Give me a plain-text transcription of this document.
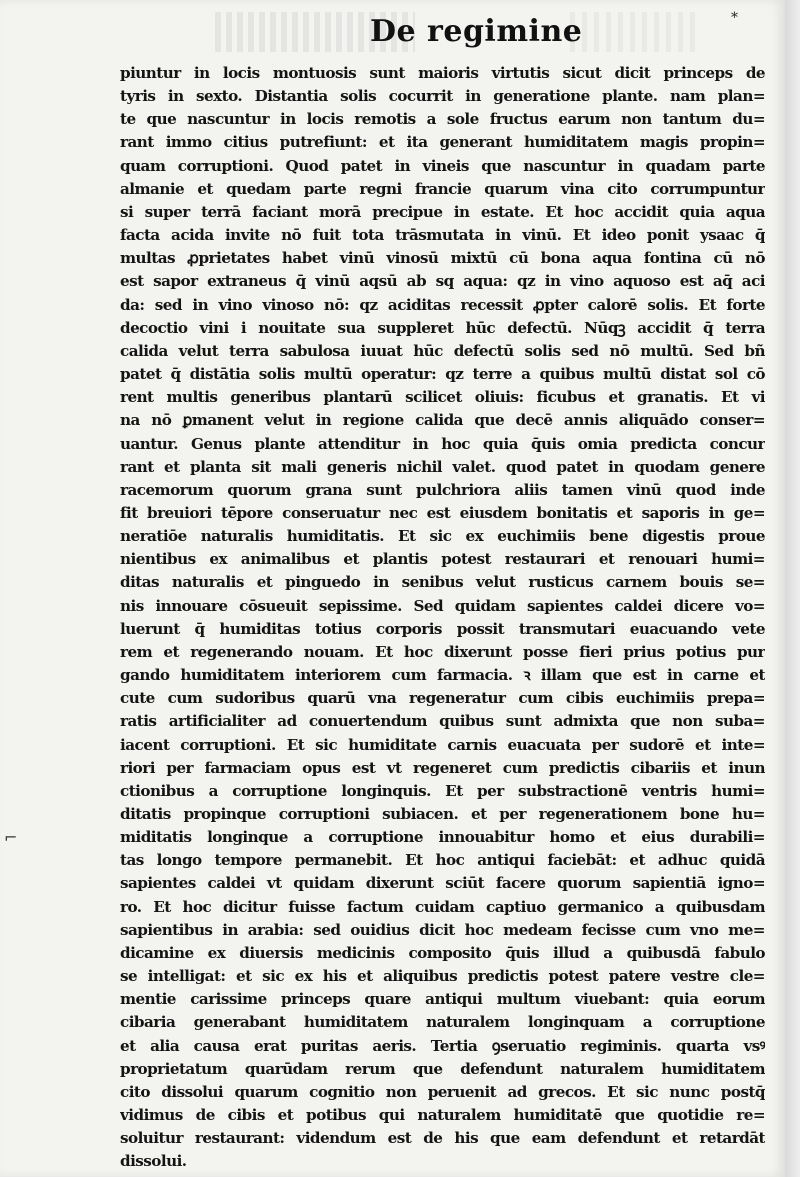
De regimine	*
⌐
piuntur in locis montuosis sunt maioris virtutis sicut dicit princeps de
tyris in sexto. Distantia solis cocurrit in generatione plante. nam plan=
te que nascuntur in locis remotis a sole fructus earum non tantum du=
rant immo citius putrefiunt: et ita generant humiditatem magis propin=
quam corruptioni. Quod patet in vineis que nascuntur in quadam parte
almanie et quedam parte regni francie quarum vina cito corrumpuntur
si super terrā faciant morā precipue in estate. Et hoc accidit quia aqua
facta acida invite nō fuit tota trāsmutata in vinū. Et ideo ponit ysaac q̄
multas ꝓprietates habet vinū vinosū mixtū cū bona aqua fontina cū nō
est sapor extraneus q̄ vinū aqsū ab sq aqua: qz in vino aquoso est aq̄ aci
da: sed in vino vinoso nō: qz aciditas recessit ꝓpter calorē solis. Et forte
decoctio vini i nouitate sua suppleret hūc defectū. Nūqꝫ accidit q̄ terra
calida velut terra sabulosa iuuat hūc defectū solis sed nō multū. Sed bñ
patet q̄ distātia solis multū operatur: qz terre a quibus multū distat sol cō
rent multis generibus plantarū scilicet oliuis: ficubus et granatis. Et vi
na nō ꝑmanent velut in regione calida que decē annis aliquādo conser=
uantur. Genus plante attenditur in hoc quia q̄uis omia predicta concur
rant et planta sit mali generis nichil valet. quod patet in quodam genere
racemorum quorum grana sunt pulchriora aliis tamen vinū quod inde
fit breuiori tēpore conseruatur nec est eiusdem bonitatis et saporis in ge=
neratiōe naturalis humiditatis. Et sic ex euchimiis bene digestis proue
nientibus ex animalibus et plantis potest restaurari et renouari humi=
ditas naturalis et pinguedo in senibus velut rusticus carnem bouis se=
nis innouare cōsueuit sepissime. Sed quidam sapientes caldei dicere vo=
luerunt q̄ humiditas totius corporis possit transmutari euacuando vete
rem et regenerando nouam. Et hoc dixerunt posse fieri prius potius pur
gando humiditatem interiorem cum farmacia. ꝛ illam que est in carne et
cute cum sudoribus quarū vna regeneratur cum cibis euchimiis prepa=
ratis artificialiter ad conuertendum quibus sunt admixta que non suba=
iacent corruptioni. Et sic humiditate carnis euacuata per sudorē et inte=
riori per farmaciam opus est vt regeneret cum predictis cibariis et inun
ctionibus a corruptione longinquis. Et per substractionē ventris humi=
ditatis propinque corruptioni subiacen. et per regenerationem bone hu=
miditatis longinque a corruptione innouabitur homo et eius durabili=
tas longo tempore permanebit. Et hoc antiqui faciebāt: et adhuc quidā
sapientes caldei vt quidam dixerunt sciūt facere quorum sapientiā igno=
ro. Et hoc dicitur fuisse factum cuidam captiuo germanico a quibusdam
sapientibus in arabia: sed ouidius dicit hoc medeam fecisse cum vno me=
dicamine ex diuersis medicinis composito q̄uis illud a quibusdā fabulo
se intelligat: et sic ex his et aliquibus predictis potest patere vestre cle=
mentie carissime princeps quare antiqui multum viuebant: quia eorum
cibaria generabant humiditatem naturalem longinquam a corruptione
et alia causa erat puritas aeris. Tertia ꝯseruatio regiminis. quarta vsꝰ
proprietatum quarūdam rerum que defendunt naturalem humiditatem
cito dissolui quarum cognitio non peruenit ad grecos. Et sic nunc postq̄
vidimus de cibis et potibus qui naturalem humiditatē que quotidie re=
soluitur restaurant: videndum est de his que eam defendunt et retardāt
dissolui.
